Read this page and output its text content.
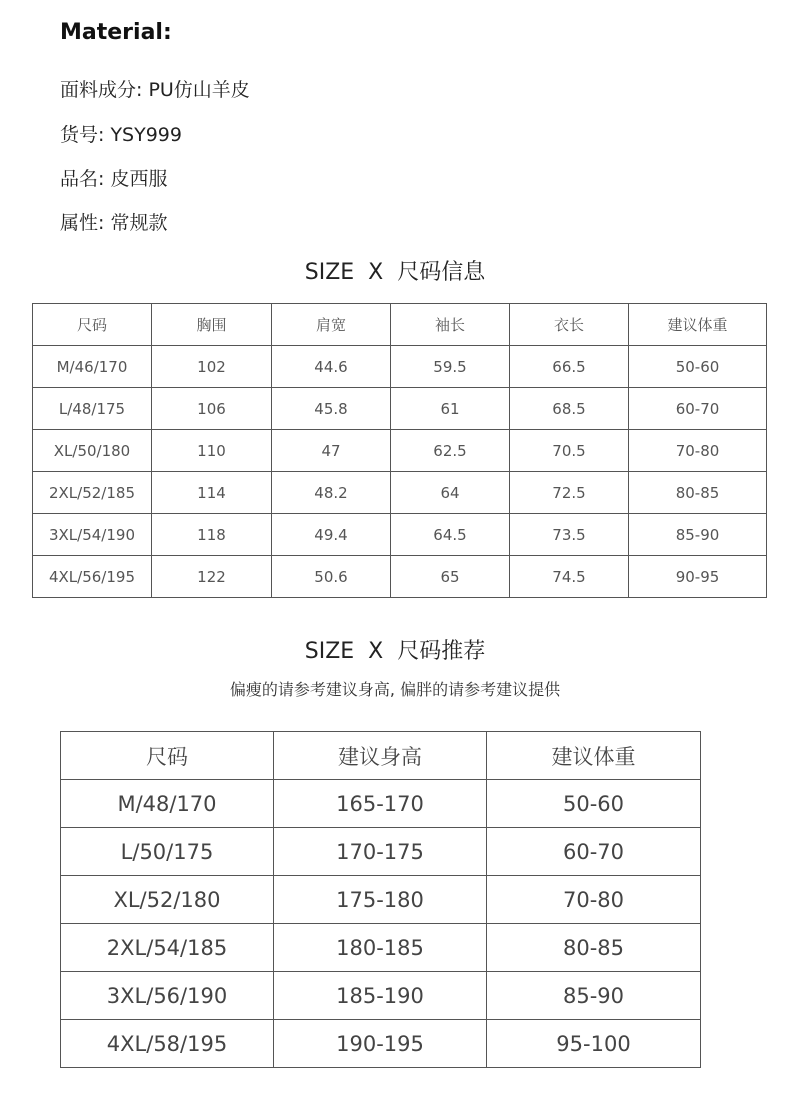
Material:
面料成分: PU仿山羊皮
货号: YSY999
品名: 皮西服
属性: 常规款
SIZE  X  尺码信息
尺码	胸围	肩宽	袖长	衣长	建议体重
M/46/170	102	44.6	59.5	66.5	50-60
L/48/175	106	45.8	61	68.5	60-70
XL/50/180	110	47	62.5	70.5	70-80
2XL/52/185	114	48.2	64	72.5	80-85
3XL/54/190	118	49.4	64.5	73.5	85-90
4XL/56/195	122	50.6	65	74.5	90-95
SIZE  X  尺码推荐
偏瘦的请参考建议身高, 偏胖的请参考建议提供
尺码	建议身高	建议体重
M/48/170	165-170	50-60
L/50/175	170-175	60-70
XL/52/180	175-180	70-80
2XL/54/185	180-185	80-85
3XL/56/190	185-190	85-90
4XL/58/195	190-195	95-100
